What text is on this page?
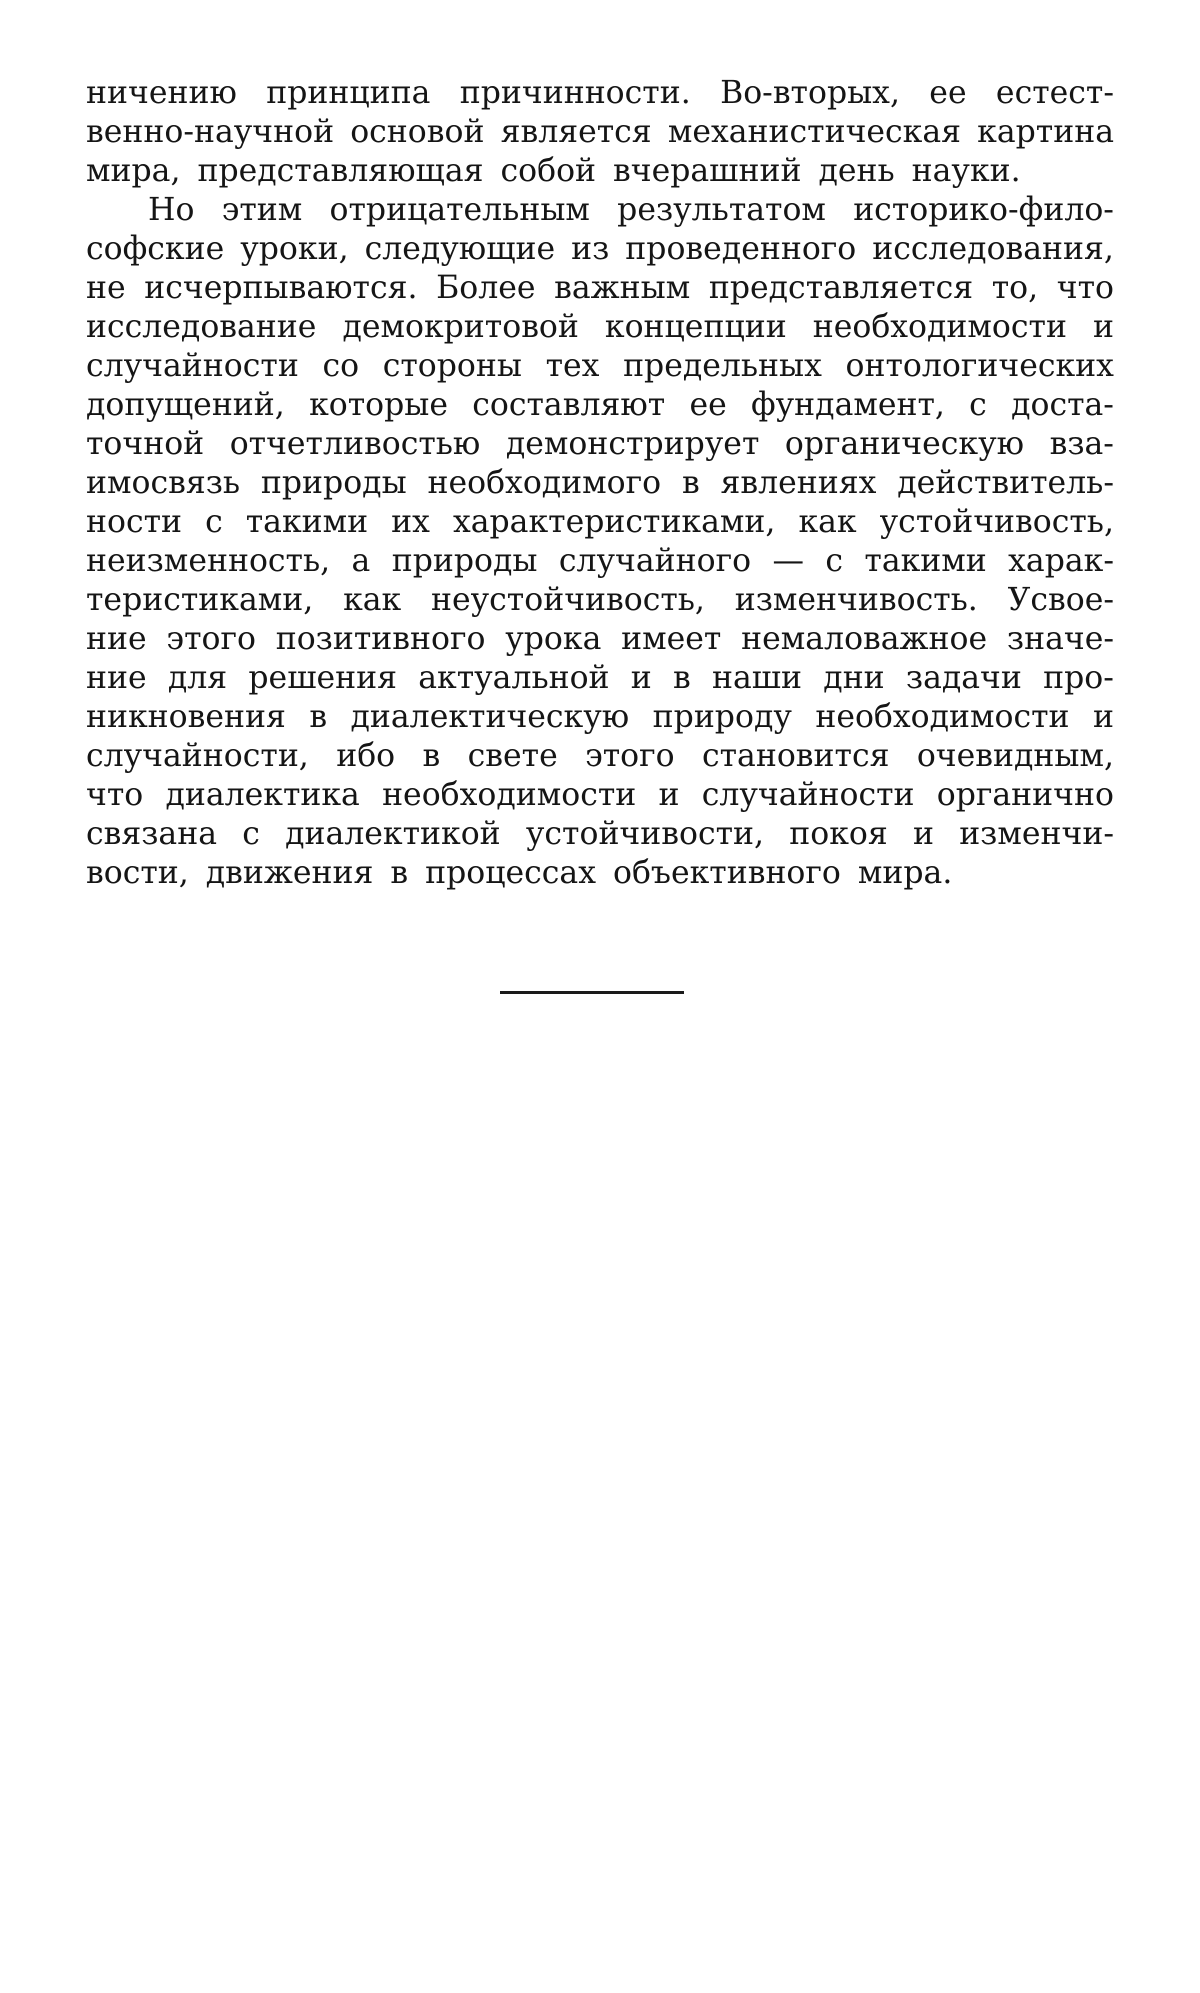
ничению принципа причинности. Во-вторых, ее естест-
венно-научной основой является механистическая картина
мира, представляющая собой вчерашний день науки.
Но этим отрицательным результатом историко-фило-
софские уроки, следующие из проведенного исследования,
не исчерпываются. Более важным представляется то, что
исследование демокритовой концепции необходимости и
случайности со стороны тех предельных онтологических
допущений, которые составляют ее фундамент, с доста-
точной отчетливостью демонстрирует органическую вза-
имосвязь природы необходимого в явлениях действитель-
ности с такими их характеристиками, как устойчивость,
неизменность, а природы случайного — с такими харак-
теристиками, как неустойчивость, изменчивость. Усвое-
ние этого позитивного урока имеет немаловажное значе-
ние для решения актуальной и в наши дни задачи про-
никновения в диалектическую природу необходимости и
случайности, ибо в свете этого становится очевидным,
что диалектика необходимости и случайности органично
связана с диалектикой устойчивости, покоя и изменчи-
вости, движения в процессах объективного мира.
